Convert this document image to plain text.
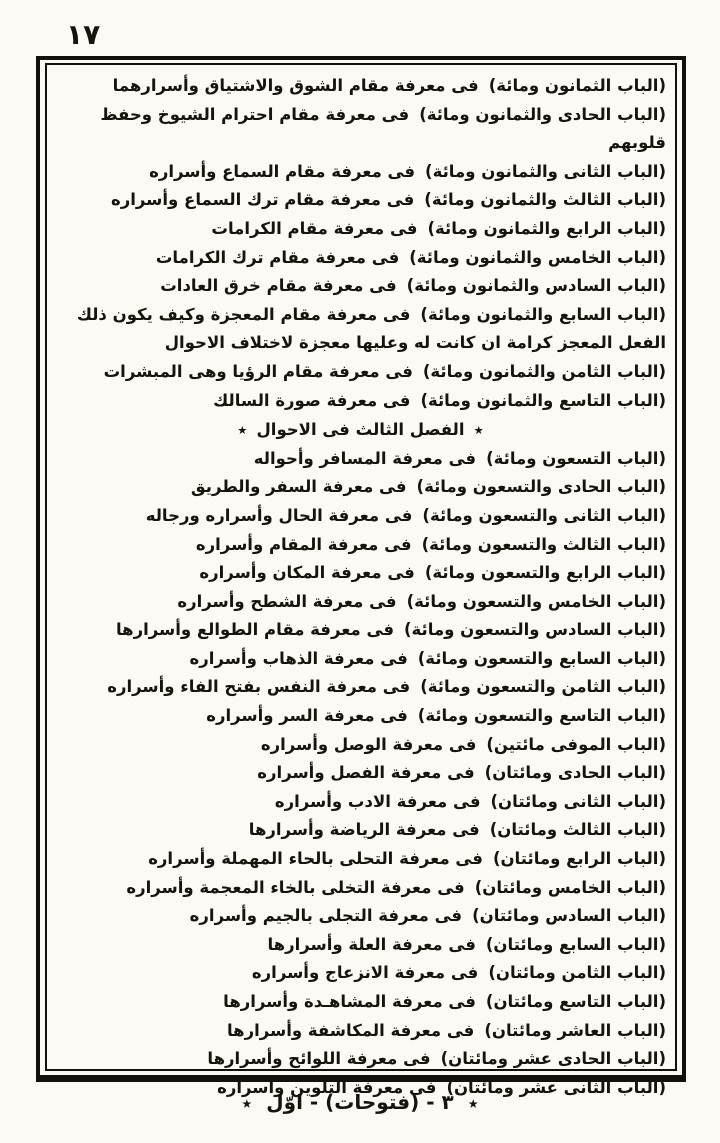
١٧
(الباب الثمانون ومائة)فى معرفة مقام الشوق والاشتياق وأسرارهما
(الباب الحادى والثمانون ومائة)فى معرفة مقام احترام الشيوخ وحفظ قلوبهم
(الباب الثانى والثمانون ومائة)فى معرفة مقام السماع وأسراره
(الباب الثالث والثمانون ومائة)فى معرفة مقام ترك السماع وأسراره
(الباب الرابع والثمانون ومائة)فى معرفة مقام الكرامات
(الباب الخامس والثمانون ومائة)فى معرفة مقام ترك الكرامات
(الباب السادس والثمانون ومائة)فى معرفة مقام خرق العادات
(الباب السابع والثمانون ومائة)فى معرفة مقام المعجزة وكيف يكون ذلك الفعل المعجز كرامة ان كانت له وعليها معجزة لاختلاف الاحوال
(الباب الثامن والثمانون ومائة)فى معرفة مقام الرؤيا وهى المبشرات
(الباب التاسع والثمانون ومائة)فى معرفة صورة السالك
٭الفصل الثالث فى الاحوال٭
(الباب التسعون ومائة)فى معرفة المسافر وأحواله
(الباب الحادى والتسعون ومائة)فى معرفة السفر والطريق
(الباب الثانى والتسعون ومائة)فى معرفة الحال وأسراره ورجاله
(الباب الثالث والتسعون ومائة)فى معرفة المقام وأسراره
(الباب الرابع والتسعون ومائة)فى معرفة المكان وأسراره
(الباب الخامس والتسعون ومائة)فى معرفة الشطح وأسراره
(الباب السادس والتسعون ومائة)فى معرفة مقام الطوالع وأسرارها
(الباب السابع والتسعون ومائة)فى معرفة الذهاب وأسراره
(الباب الثامن والتسعون ومائة)فى معرفة النفس بفتح الفاء وأسراره
(الباب التاسع والتسعون ومائة)فى معرفة السر وأسراره
(الباب الموفى مائتين)فى معرفة الوصل وأسراره
(الباب الحادى ومائتان)فى معرفة الفصل وأسراره
(الباب الثانى ومائتان)فى معرفة الادب وأسراره
(الباب الثالث ومائتان)فى معرفة الرياضة وأسرارها
(الباب الرابع ومائتان)فى معرفة التحلى بالحاء المهملة وأسراره
(الباب الخامس ومائتان)فى معرفة التخلى بالخاء المعجمة وأسراره
(الباب السادس ومائتان)فى معرفة التجلى بالجيم وأسراره
(الباب السابع ومائتان)فى معرفة العلة وأسرارها
(الباب الثامن ومائتان)فى معرفة الانزعاج وأسراره
(الباب التاسع ومائتان)فى معرفة المشاهـدة وأسرارها
(الباب العاشر ومائتان)فى معرفة المكاشفة وأسرارها
(الباب الحادى عشر ومائتان)فى معرفة اللوائح وأسرارها
(الباب الثانى عشر ومائتان)فى معرفة التلوين وأسراره
٭٣ - (فتوحات) - اوّل٭
